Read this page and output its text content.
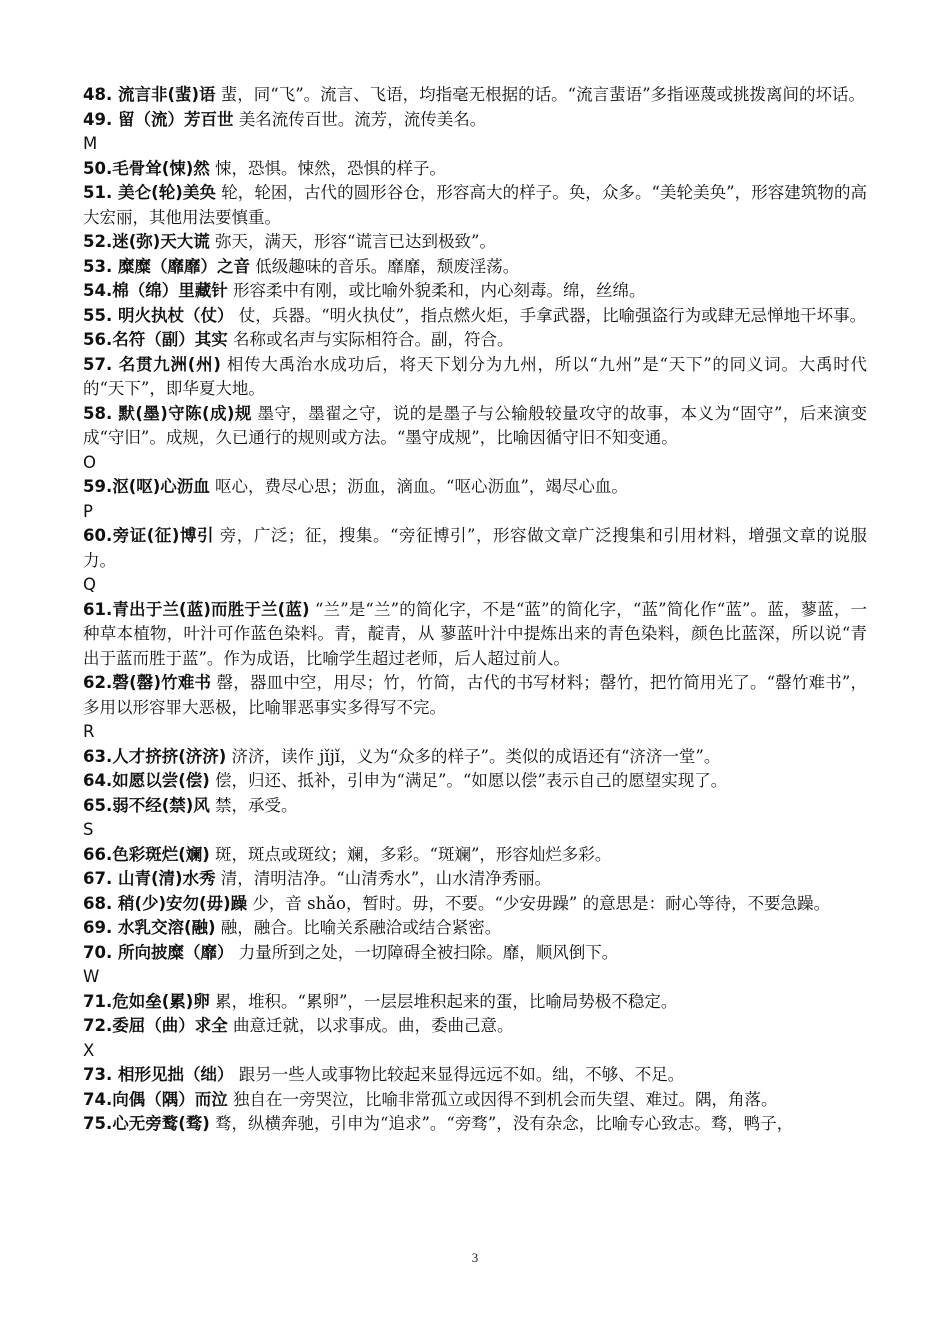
48. 流言非(蜚)语 蜚，同“飞”。流言、飞语，均指毫无根据的话。“流言蜚语”多指诬蔑或挑拨离间的坏话。

49. 留（流）芳百世 美名流传百世。流芳，流传美名。

M

50.毛骨耸(悚)然 悚，恐惧。悚然，恐惧的样子。

51. 美仑(轮)美奂 轮，轮困，古代的圆形谷仓，形容高大的样子。奂，众多。“美轮美奂”，形容建筑物的高大宏丽，其他用法要慎重。

52.迷(弥)天大谎 弥天，满天，形容“谎言已达到极致”。

53. 糜糜（靡靡）之音 低级趣味的音乐。靡靡，颓废淫荡。

54.棉（绵）里藏针 形容柔中有刚，或比喻外貌柔和，内心刻毒。绵，丝绵。

55. 明火执杖（仗） 仗，兵器。“明火执仗”，指点燃火炬，手拿武器，比喻强盗行为或肆无忌惮地干坏事。

56.名符（副）其实 名称或名声与实际相符合。副，符合。

57. 名贯九洲(州) 相传大禹治水成功后，将天下划分为九州，所以“九州”是“天下”的同义词。大禹时代的“天下”，即华夏大地。

58. 默(墨)守陈(成)规 墨守，墨翟之守，说的是墨子与公输般较量攻守的故事，本义为“固守”，后来演变成“守旧”。成规，久已通行的规则或方法。“墨守成规”，比喻因循守旧不知变通。

O

59.沤(呕)心沥血 呕心，费尽心思；沥血，滴血。“呕心沥血”，竭尽心血。

P

60.旁证(征)博引 旁，广泛；征，搜集。“旁征博引”，形容做文章广泛搜集和引用材料，增强文章的说服力。

Q

61.青出于兰(蓝)而胜于兰(蓝) “兰”是“兰”的简化字，不是“蓝”的简化字，“蓝”简化作“蓝”。蓝，蓼蓝，一种草本植物，叶汁可作蓝色染料。青，靛青，从 蓼蓝叶汁中提炼出来的青色染料，颜色比蓝深，所以说“青出于蓝而胜于蓝”。作为成语，比喻学生超过老师，后人超过前人。

62.磬(罄)竹难书 罄，器皿中空，用尽；竹，竹简，古代的书写材料；罄竹，把竹简用光了。“罄竹难书”，多用以形容罪大恶极，比喻罪恶事实多得写不完。

R

63.人才挤挤(济济) 济济，读作 jǐjǐ，义为“众多的样子”。类似的成语还有“济济一堂”。

64.如愿以尝(偿) 偿，归还、抵补，引申为“满足”。“如愿以偿”表示自己的愿望实现了。

65.弱不经(禁)风 禁，承受。

S

66.色彩斑烂(斓) 斑，斑点或斑纹；斓，多彩。“斑斓”，形容灿烂多彩。

67. 山青(清)水秀 清，清明洁净。“山清秀水”，山水清净秀丽。

68. 稍(少)安勿(毋)躁 少，音 shǎo，暂时。毋，不要。“少安毋躁” 的意思是：耐心等待，不要急躁。

69. 水乳交溶(融) 融，融合。比喻关系融洽或结合紧密。

70. 所向披糜（靡） 力量所到之处，一切障碍全被扫除。靡，顺风倒下。

W

71.危如垒(累)卵 累，堆积。“累卵”，一层层堆积起来的蛋，比喻局势极不稳定。

72.委屈（曲）求全 曲意迁就，以求事成。曲，委曲己意。

X

73. 相形见拙（绌） 跟另一些人或事物比较起来显得远远不如。绌，不够、不足。

74.向偶（隅）而泣 独自在一旁哭泣，比喻非常孤立或因得不到机会而失望、难过。隅，角落。

75.心无旁鹜(骛) 骛，纵横奔驰，引申为“追求”。“旁骛”，没有杂念，比喻专心致志。骛，鸭子，

3
